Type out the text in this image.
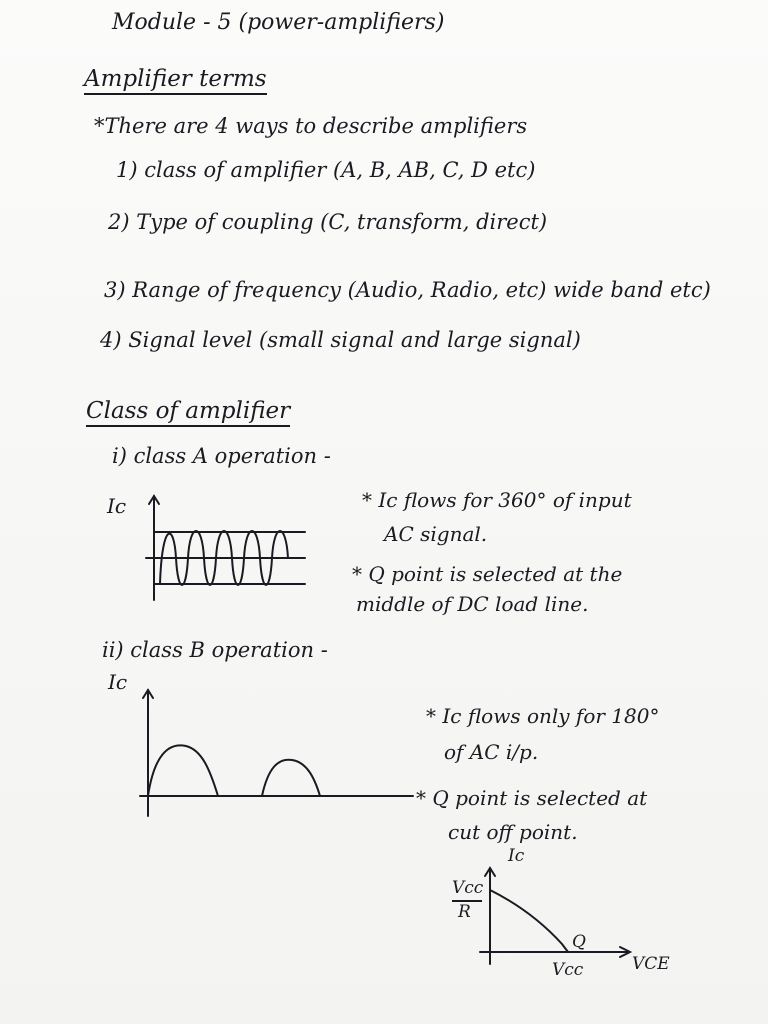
Module - 5 (power-amplifiers)
Amplifier terms
*There are 4 ways to describe amplifiers
1) class of amplifier (A, B, AB, C, D etc)
2) Type of coupling (C, transform, direct)
3) Range of frequency (Audio, Radio, etc) wide band etc)
4) Signal level (small signal and large signal)
Class of amplifier
i) class A operation -
Ic	* Ic flows for 360° of input
AC signal.
* Q point is selected at the
middle of DC load line.
ii) class B operation -
Ic
* Ic flows only for 180°
of AC i/p.
* Q point is selected at
cut off point.
Ic
Vcc
R
Q
Vcc	VCE
